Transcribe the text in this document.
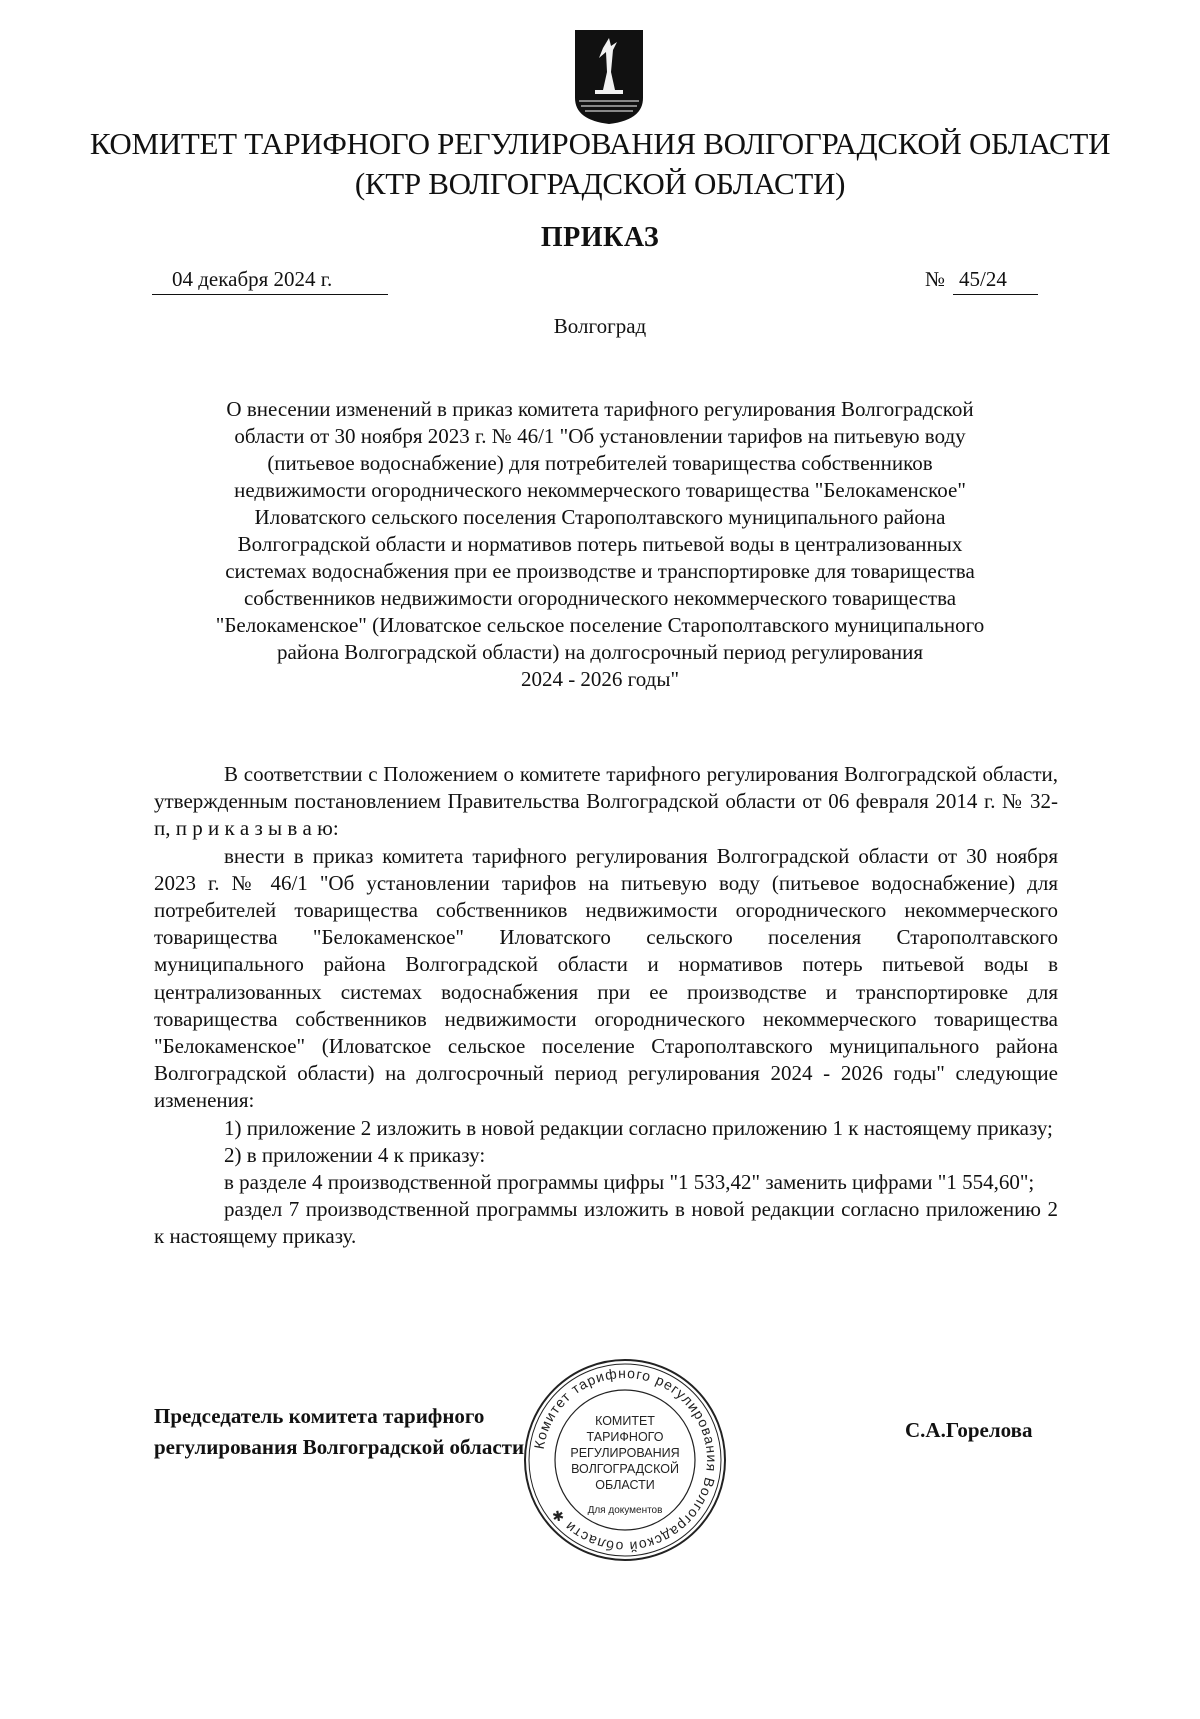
КОМИТЕТ ТАРИФНОГО РЕГУЛИРОВАНИЯ ВОЛГОГРАДСКОЙ ОБЛАСТИ
(КТР ВОЛГОГРАДСКОЙ ОБЛАСТИ)
ПРИКАЗ
04 декабря 2024 г.	№ 45/24
Волгоград
О внесении изменений в приказ комитета тарифного регулирования Волгоградской
области от 30 ноября 2023 г. № 46/1 "Об установлении тарифов на питьевую воду
(питьевое водоснабжение) для потребителей товарищества собственников
недвижимости огороднического некоммерческого товарищества "Белокаменское"
Иловатского сельского поселения Старополтавского муниципального района
Волгоградской области и нормативов потерь питьевой воды в централизованных
системах водоснабжения при ее производстве и транспортировке для товарищества
собственников недвижимости огороднического некоммерческого товарищества
"Белокаменское" (Иловатское сельское поселение Старополтавского муниципального
района Волгоградской области) на долгосрочный период регулирования
2024 - 2026 годы"

В соответствии с Положением о комитете тарифного регулирования Волгоградской области, утвержденным постановлением Правительства Волгоградской области от 06 февраля 2014 г. № 32-п, п р и к а з ы в а ю:

внести в приказ комитета тарифного регулирования Волгоградской области от 30 ноября 2023 г. № 46/1 "Об установлении тарифов на питьевую воду (питьевое водоснабжение) для потребителей товарищества собственников недвижимости огороднического некоммерческого товарищества "Белокаменское" Иловатского сельского поселения Старополтавского муниципального района Волгоградской области и нормативов потерь питьевой воды в централизованных системах водоснабжения при ее производстве и транспортировке для товарищества собственников недвижимости огороднического некоммерческого товарищества "Белокаменское" (Иловатское сельское поселение Старополтавского муниципального района Волгоградской области) на долгосрочный период регулирования 2024 - 2026 годы" следующие изменения:

1) приложение 2 изложить в новой редакции согласно приложению 1 к настоящему приказу;

2) в приложении 4 к приказу:

в разделе 4 производственной программы цифры "1 533,42" заменить цифрами "1 554,60";

раздел 7 производственной программы изложить в новой редакции согласно приложению 2 к настоящему приказу.

Председатель комитета тарифного
регулирования Волгоградской области
С.А.Горелова
Комитет тарифного регулирования Волгоградской области ✱
КОМИТЕТ
ТАРИФНОГО
РЕГУЛИРОВАНИЯ
ВОЛГОГРАДСКОЙ
ОБЛАСТИ
Для документов
